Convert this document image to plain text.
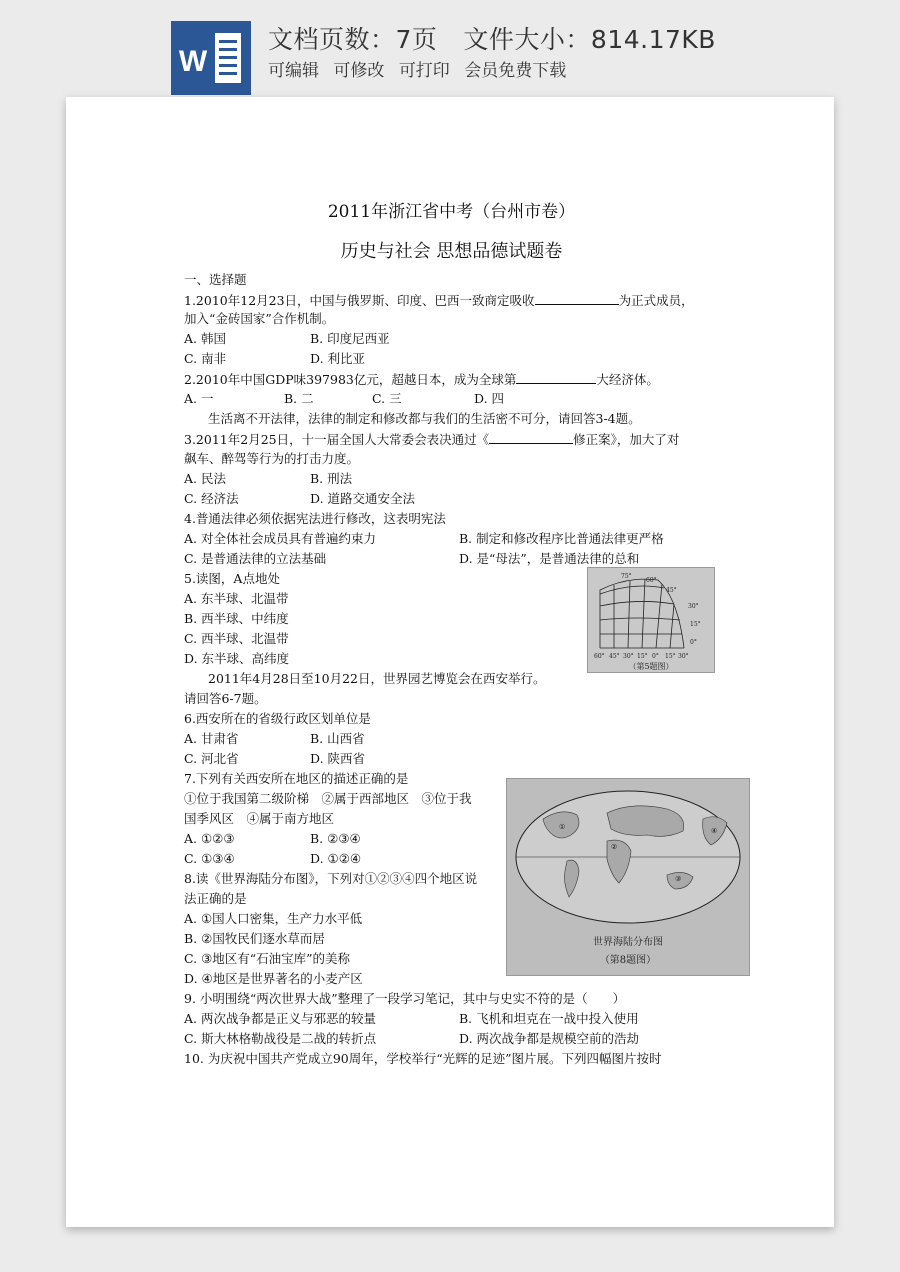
W
文档页数：7页 文件大小：814.17KB
可编辑 可修改 可打印 会员免费下载
2011年浙江省中考（台州市卷）
历史与社会 思想品德试题卷
一、选择题
1.2010年12月23日，中国与俄罗斯、印度、巴西一致商定吸收	为正式成员，
加入“金砖国家”合作机制。
A. 韩国	B. 印度尼西亚
C. 南非	D. 利比亚
2.2010年中国GDP味397983亿元，超越日本，成为全球第	大经济体。
A. 一	B. 二	C. 三	D. 四
生活离不开法律，法律的制定和修改都与我们的生活密不可分，请回答3-4题。
3.2011年2月25日，十一届全国人大常委会表决通过《	修正案》，加大了对
飙车、醉驾等行为的打击力度。
A. 民法	B. 刑法
C. 经济法	D. 道路交通安全法
4.普通法律必须依据宪法进行修改，这表明宪法
A. 对全体社会成员具有普遍约束力	B. 制定和修改程序比普通法律更严格
C. 是普通法律的立法基础	D. 是“母法”，是普通法律的总和
5.读图，A点地处
A. 东半球、北温带
B. 西半球、中纬度
C. 西半球、北温带
D. 东半球、高纬度
2011年4月28日至10月22日，世界园艺博览会在西安举行。
请回答6-7题。
6.西安所在的省级行政区划单位是
A. 甘肃省	B. 山西省
C. 河北省	D. 陕西省
7.下列有关西安所在地区的描述正确的是
①位于我国第二级阶梯　②属于西部地区　③位于我
国季风区　④属于南方地区
A. ①②③	B. ②③④
C. ①③④	D. ①②④
8.读《世界海陆分布图》，下列对①②③④四个地区说
法正确的是
A. ①国人口密集，生产力水平低
B. ②国牧民们逐水草而居
C. ③地区有“石油宝库”的美称
D. ④地区是世界著名的小麦产区
9. 小明围绕“两次世界大战”整理了一段学习笔记，其中与史实不符的是（　　）
A. 两次战争都是正义与邪恶的较量	B. 飞机和坦克在一战中投入使用
C. 斯大林格勒战役是二战的转折点	D. 两次战争都是规模空前的浩劫
10. 为庆祝中国共产党成立90周年，学校举行“光辉的足迹”图片展。下列四幅图片按时
75°
60°
45°
30°
15°
0°
60° 45° 30° 15° 0° 15° 30°
（第5题图）
①
②
③
④
世界海陆分布图
（第8题图）
